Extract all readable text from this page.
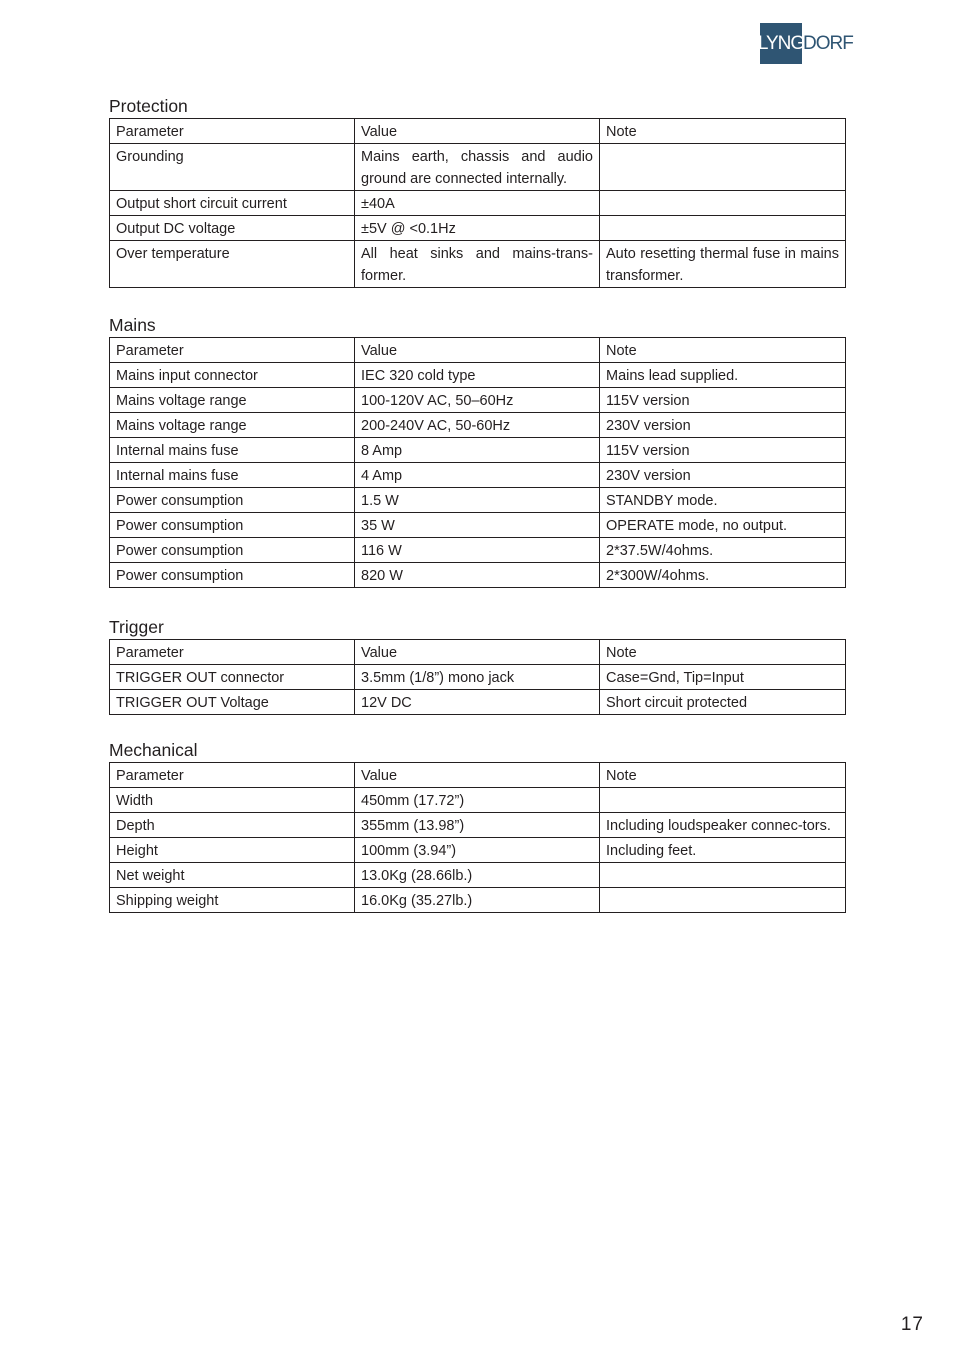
LYNG
DORF
Protection
Parameter	Value	Note
Grounding	Mains earth, chassis and audio ground are connected internally.	
Output short circuit current	±40A	
Output DC voltage	±5V @ <0.1Hz	
Over temperature	All heat sinks and mains-trans-former.	Auto resetting thermal fuse in mains transformer.
Mains
Parameter	Value	Note
Mains input connector	IEC 320 cold type	Mains lead supplied.
Mains voltage range	100-120V AC, 50–60Hz	115V version
Mains voltage range	200-240V AC, 50-60Hz	230V version
Internal mains fuse	8 Amp	115V version
Internal mains fuse	4 Amp	230V version
Power consumption	1.5 W	STANDBY mode.
Power consumption	35 W	OPERATE mode, no output.
Power consumption	116 W	2*37.5W/4ohms.
Power consumption	820 W	2*300W/4ohms.
Trigger
Parameter	Value	Note
TRIGGER OUT connector	3.5mm (1/8”) mono jack	Case=Gnd, Tip=Input
TRIGGER OUT Voltage	12V DC	Short circuit protected
Mechanical
Parameter	Value	Note
Width	450mm (17.72”)	
Depth	355mm (13.98”)	Including loudspeaker connec-tors.
Height	100mm (3.94”)	Including feet.
Net weight	13.0Kg (28.66lb.)	
Shipping weight	16.0Kg (35.27lb.)	
17
